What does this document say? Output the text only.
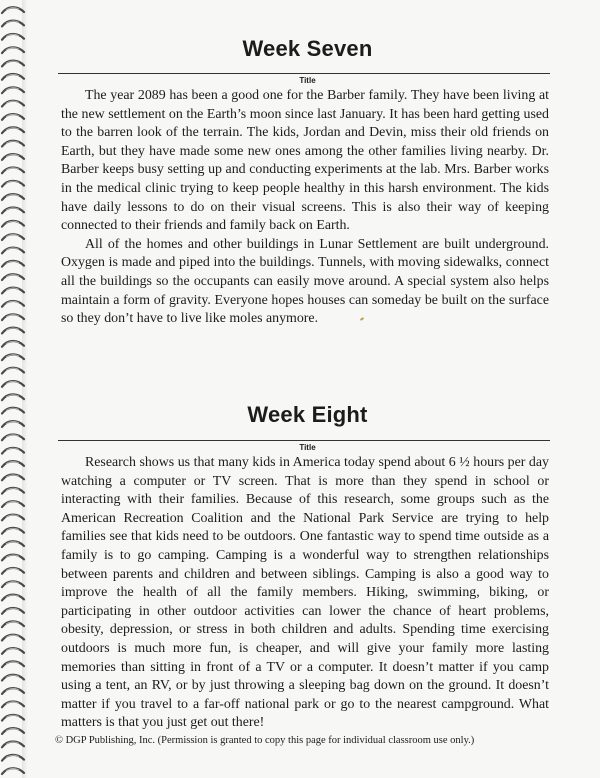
Week Seven
Title

The year 2089 has been a good one for the Barber family. They have been living at the new settlement on the Earth’s moon since last January. It has been hard getting used to the barren look of the terrain. The kids, Jordan and Devin, miss their old friends on Earth, but they have made some new ones among the other families living nearby. Dr. Barber keeps busy setting up and conducting experiments at the lab. Mrs. Barber works in the medical clinic trying to keep people healthy in this harsh environment. The kids have daily lessons to do on their visual screens. This is also their way of keeping connected to their friends and family back on Earth.

All of the homes and other buildings in Lunar Settlement are built underground. Oxygen is made and piped into the buildings. Tunnels, with moving sidewalks, connect all the buildings so the occupants can easily move around. A special system also helps maintain a form of gravity. Everyone hopes houses can someday be built on the surface so they don’t have to live like moles anymore.

Week Eight
Title

Research shows us that many kids in America today spend about 6 ½ hours per day watching a computer or TV screen. That is more than they spend in school or interacting with their families. Because of this research, some groups such as the American Recreation Coalition and the National Park Service are trying to help families see that kids need to be outdoors. One fantastic way to spend time outside as a family is to go camping. Camping is a wonderful way to strengthen relationships between parents and children and between siblings. Camping is also a good way to improve the health of all the family members. Hiking, swimming, biking, or participating in other outdoor activities can lower the chance of heart problems, obesity, depression, or stress in both children and adults. Spending time exercising outdoors is much more fun, is cheaper, and will give your family more lasting memories than sitting in front of a TV or a computer. It doesn’t matter if you camp using a tent, an RV, or by just throwing a sleeping bag down on the ground. It doesn’t matter if you travel to a far-off national park or go to the nearest campground. What matters is that you just get out there!

© DGP Publishing, Inc. (Permission is granted to copy this page for individual classroom use only.)
